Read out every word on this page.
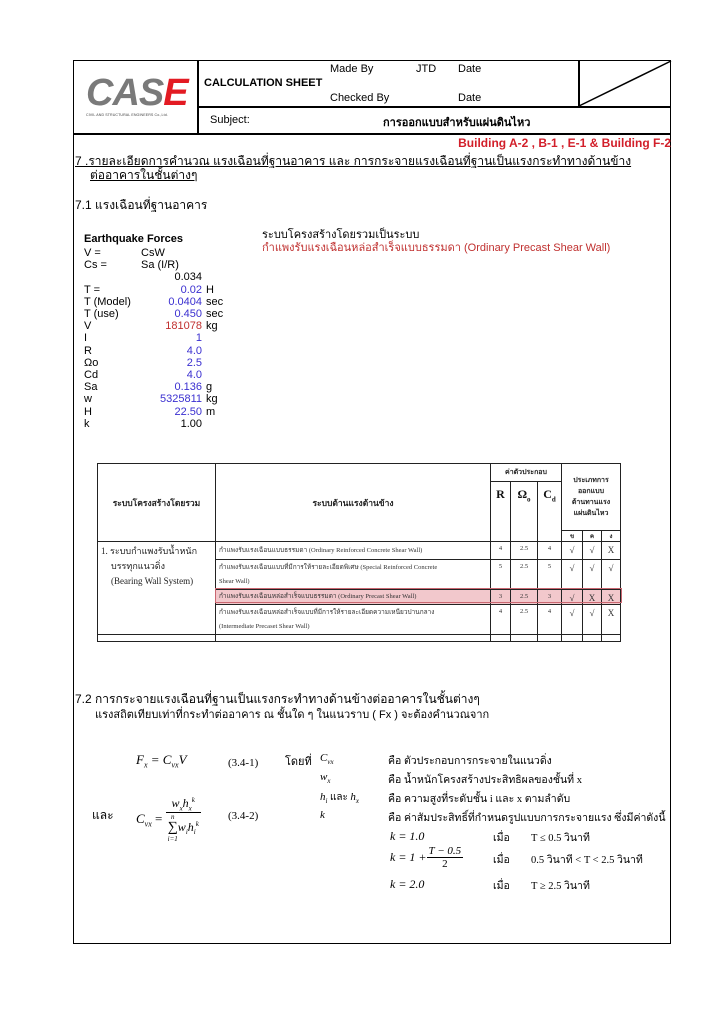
CASE
CIVIL AND STRUCTURAL ENGINEERS Co.,Ltd.
CALCULATION SHEET
Made By	JTD Date
Checked By	Date
Subject:	การออกแบบสำหรับแผ่นดินไหว
Building A-2 , B-1 , E-1 & Building F-2
7 .รายละเอียดการคำนวณ แรงเฉือนที่ฐานอาคาร และ การกระจายแรงเฉือนที่ฐานเป็นแรงกระทำทางด้านข้าง
ต่ออาคารในชั้นต่างๆ
7.1 แรงเฉือนที่ฐานอาคาร
ระบบโครงสร้างโดยรวมเป็นระบบ
กำแพงรับแรงเฉือนหล่อสำเร็จแบบธรรมดา (Ordinary Precast Shear Wall)
Earthquake Forces
V =	CsW
Cs =	Sa (I/R)
0.034
T =	0.02 H
T (Model)	0.0404 sec
T (use)	0.450 sec
V	181078 kg
I	1
R	4.0
Ωo	2.5
Cd	4.0
Sa	0.136 g
w	5325811 kg
H	22.50 m
k	1.00
ระบบโครงสร้างโดยรวม	ระบบต้านแรงด้านข้าง	ค่าตัวประกอบ			ประเภทการ
ออกแบบ
ต้านทานแรง
แผ่นดินไหว		

		R	$\Omega_o$	$C_d$
					ข	ค	ง

1. ระบบกำแพงรับน้ำหนัก
บรรทุกแนวดิ่ง
(Bearing Wall System)	กำแพงรับแรงเฉือนแบบธรรมดา (Ordinary Reinforced Concrete Shear Wall)	4	2.5	4	√	√	X

	กำแพงรับแรงเฉือนแบบที่มีการให้รายละเอียดพิเศษ (Special Reinforced Concrete
Shear Wall)	5	2.5	5	√	√	√

	กำแพงรับแรงเฉือนหล่อสำเร็จแบบธรรมดา (Ordinary Precast Shear Wall)	3	2.5	3	√	X	X

	กำแพงรับแรงเฉือนหล่อสำเร็จแบบที่มีการให้รายละเอียดความเหนียวปานกลาง
(Intermediate Precaset Shear Wall)	4	2.5	4	√	√	X

7.2 การกระจายแรงเฉือนที่ฐานเป็นแรงกระทำทางด้านข้างต่ออาคารในชั้นต่างๆ
แรงสถิตเทียบเท่าที่กระทำต่ออาคาร ณ ชั้นใด ๆ ในแนวราบ ( Fx ) จะต้องคำนวณจาก
$F_x = C_{vx}V$	(3.4-1)
และ $C_{vx} = w_xh_x^k$
n
∑
i=1
$w_ih_i^k$ (3.4-2)
โดยที่ $C_{vx}$	คือ ตัวประกอบการกระจายในแนวดิ่ง
$w_x$	คือ น้ำหนักโครงสร้างประสิทธิผลของชั้นที่ x
$h_i$ และ $h_x$	คือ ความสูงที่ระดับชั้น i และ x ตามลำดับ
k	คือ ค่าสัมประสิทธิ์ที่กำหนดรูปแบบการกระจายแรง ซึ่งมีค่าดังนี้
k = 1.0	เมื่อ T ≤ 0.5 วินาที
$k = 1 + \frac{T - 0.5}{2}$	เมื่อ 0.5 วินาที < T < 2.5 วินาที
k = 2.0	เมื่อ T ≥ 2.5 วินาที
